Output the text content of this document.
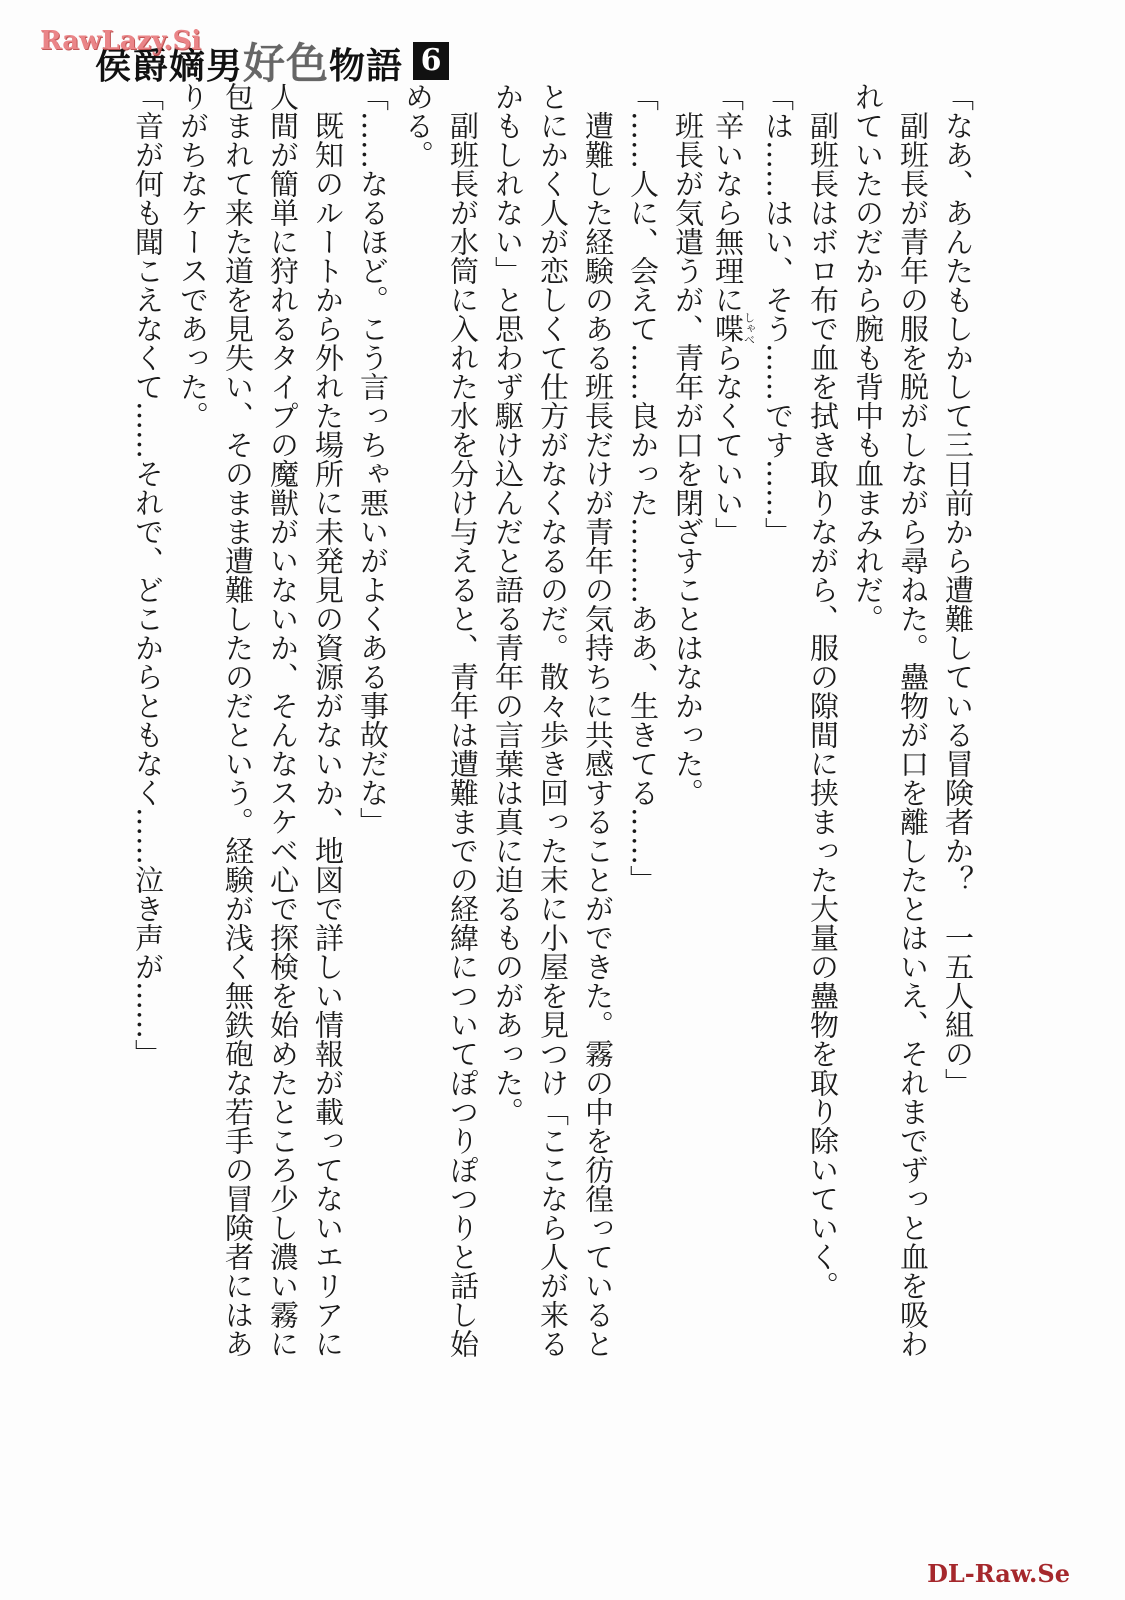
侯爵嫡男好色物語 6
RawLazy.Si
「なあ、あんたもしかして三日前から遭難している冒険者か？　一五人組の」
　副班長が青年の服を脱がしながら尋ねた。蠱物が口を離したとはいえ、それまでずっと血を吸わ
れていたのだから腕も背中も血まみれだ。
　副班長はボロ布で血を拭き取りながら、服の隙間に挟まった大量の蠱物を取り除いていく。
「は……はい、そう……です……」
「辛いなら無理に喋しゃべらなくていい」
　班長が気遣うが、青年が口を閉ざすことはなかった。
「……人に、会えて……良かった………ああ、生きてる……」
　遭難した経験のある班長だけが青年の気持ちに共感することができた。霧の中を彷徨っていると
とにかく人が恋しくて仕方がなくなるのだ。散々歩き回った末に小屋を見つけ「ここなら人が来る
かもしれない」と思わず駆け込んだと語る青年の言葉は真に迫るものがあった。
　副班長が水筒に入れた水を分け与えると、青年は遭難までの経緯についてぽつりぽつりと話し始
める。
「……なるほど。こう言っちゃ悪いがよくある事故だな」
　既知のルートから外れた場所に未発見の資源がないか、地図で詳しい情報が載ってないエリアに
人間が簡単に狩れるタイプの魔獣がいないか、そんなスケベ心で探検を始めたところ少し濃い霧に
包まれて来た道を見失い、そのまま遭難したのだという。経験が浅く無鉄砲な若手の冒険者にはあ
りがちなケースであった。
「音が何も聞こえなくて……それで、どこからともなく……泣き声が……」
DL-Raw.Se
